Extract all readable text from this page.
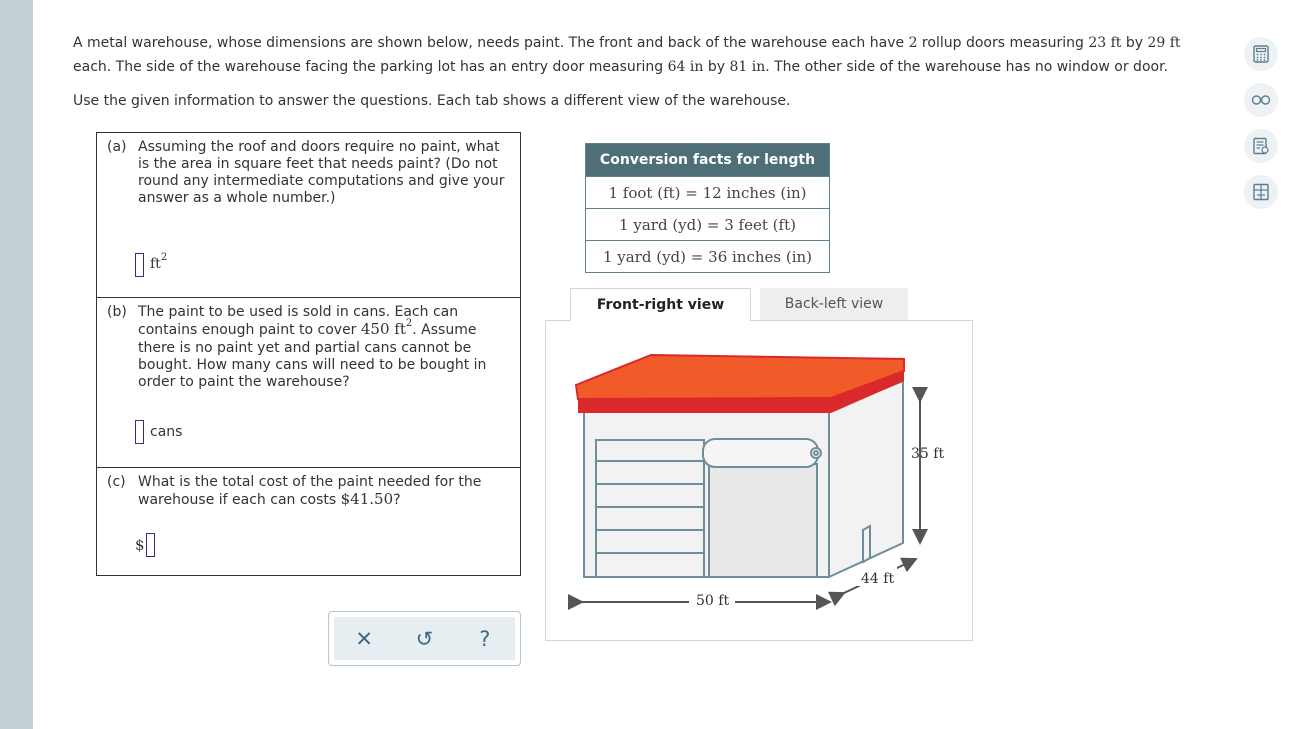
A metal warehouse, whose dimensions are shown below, needs paint. The front and back of the warehouse each have 2 rollup doors measuring 23 ft by 29 ft each. The side of the warehouse facing the parking lot has an entry door measuring 64 in by 81 in. The other side of the warehouse has no window or door.

Use the given information to answer the questions. Each tab shows a different view of the warehouse.

(a) Assuming the roof and doors require no paint, what is the area in square feet that needs paint? (Do not round any intermediate computations and give your answer as a whole number.)
$ft^2$
(b) The paint to be used is sold in cans. Each can contains enough paint to cover 450 $ft^2$. Assume there is no paint yet and partial cans cannot be bought. How many cans will need to be bought in order to paint the warehouse?
cans
(c) What is the total cost of the paint needed for the warehouse if each can costs $41.50?
$
Conversion facts for length
1 foot (ft) = 12 inches (in)
1 yard (yd) = 3 feet (ft)
1 yard (yd) = 36 inches (in)
Front-right view	Back-left view
35 ft
44 ft
50 ft
✕	↺	?
